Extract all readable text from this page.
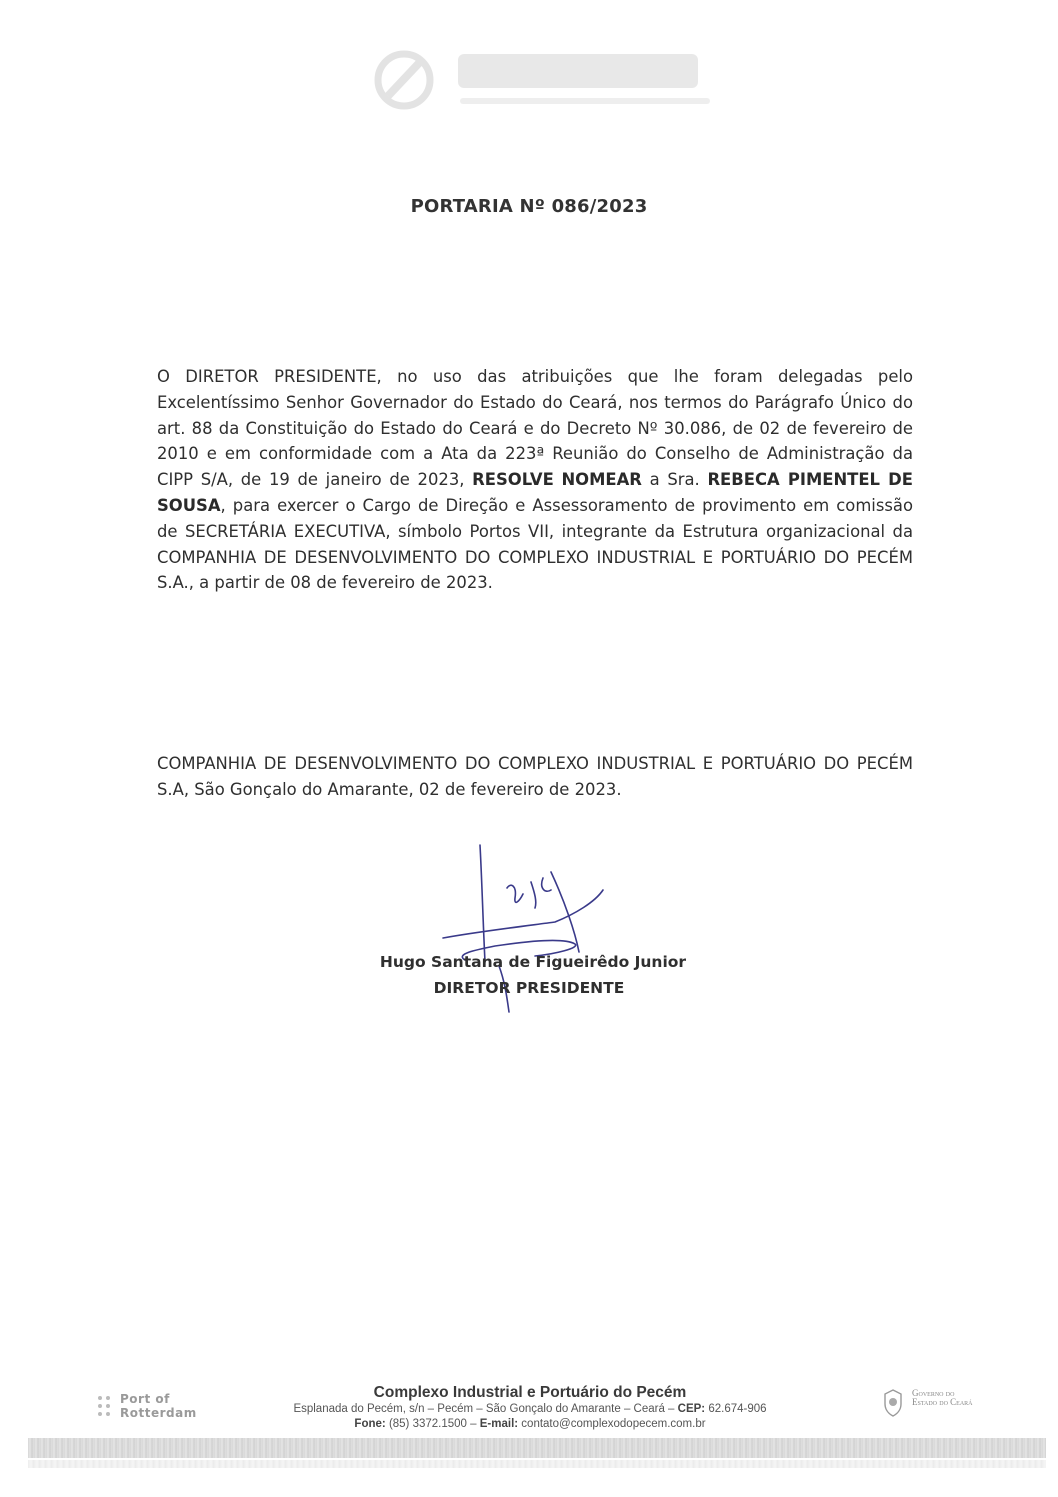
PORTARIA Nº 086/2023
O DIRETOR PRESIDENTE, no uso das atribuições que lhe foram delegadas pelo Excelentíssimo Senhor Governador do Estado do Ceará, nos termos do Parágrafo Único do art. 88 da Constituição do Estado do Ceará e do Decreto Nº 30.086, de 02 de fevereiro de 2010 e em conformidade com a Ata da 223ª Reunião do Conselho de Administração da CIPP S/A, de 19 de janeiro de 2023, RESOLVE NOMEAR a Sra. REBECA PIMENTEL DE SOUSA, para exercer o Cargo de Direção e Assessoramento de provimento em comissão de SECRETÁRIA EXECUTIVA, símbolo Portos VII, integrante da Estrutura organizacional da COMPANHIA DE DESENVOLVIMENTO DO COMPLEXO INDUSTRIAL E PORTUÁRIO DO PECÉM S.A., a partir de 08 de fevereiro de 2023.
COMPANHIA DE DESENVOLVIMENTO DO COMPLEXO INDUSTRIAL E PORTUÁRIO DO PECÉM S.A, São Gonçalo do Amarante, 02 de fevereiro de 2023.
Hugo Santana de Figueirêdo Junior
DIRETOR PRESIDENTE
Port of
Rotterdam
Complexo Industrial e Portuário do Pecém
Esplanada do Pecém, s/n – Pecém – São Gonçalo do Amarante – Ceará – CEP: 62.674-906
Fone: (85) 3372.1500 – E-mail: contato@complexodopecem.com.br
Governo do
Estado do Ceará
